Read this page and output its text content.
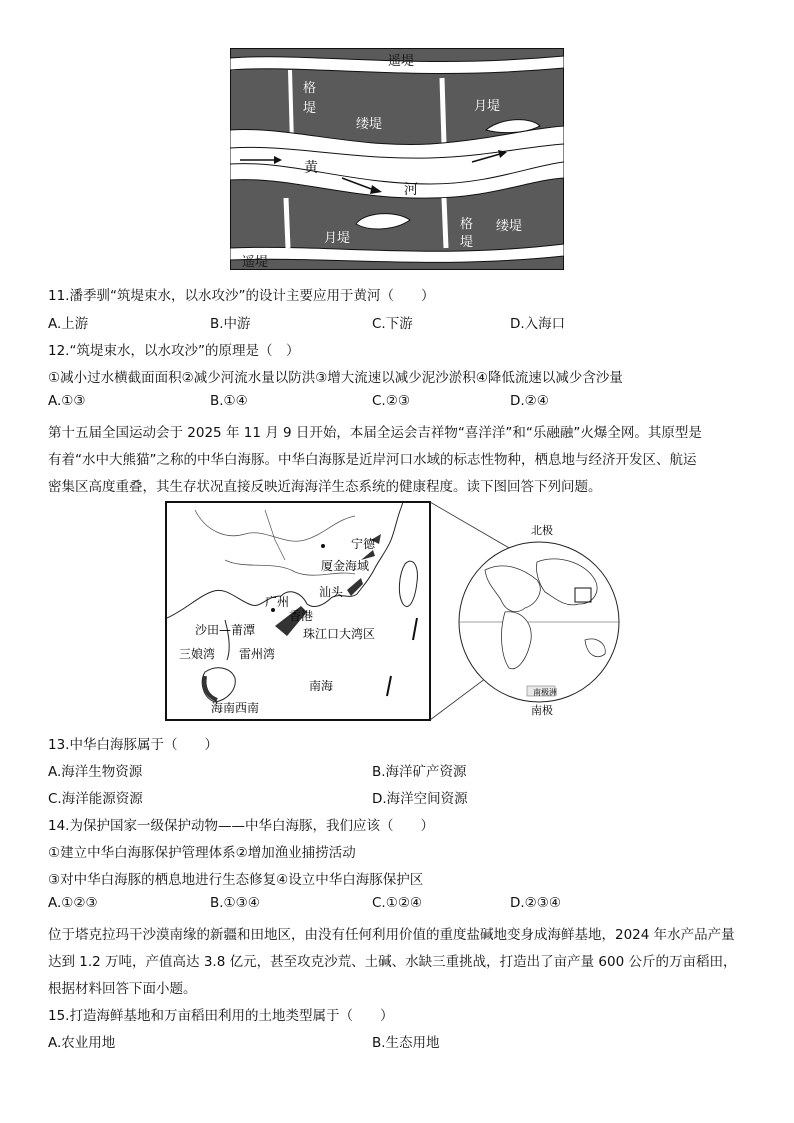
遥堤
格
堤
缕堤
月堤
黄
河
月堤
格
堤
缕堤
遥堤
11.潘季驯“筑堤束水，以水攻沙”的设计主要应用于黄河（　　）
A.上游	B.中游	C.下游	D.入海口
12.“筑堤束水，以水攻沙”的原理是（　）
①减小过水横截面面积②减少河流水量以防洪③增大流速以减少泥沙淤积④降低流速以减少含沙量
A.①③	B.①④	C.②③	D.②④
第十五届全国运动会于 2025 年 11 月 9 日开始，本届全运会吉祥物“喜洋洋”和“乐融融”火爆全网。其原型是
有着“水中大熊猫”之称的中华白海豚。中华白海豚是近岸河口水域的标志性物种，栖息地与经济开发区、航运
密集区高度重叠，其生存状况直接反映近海海洋生态系统的健康程度。读下图回答下列问题。
宁德
厦金海域
汕头
广州
香港
沙田—莆潭	珠江口大湾区
三娘湾 雷州湾
南海
海南西南
北极
南极洲
南极
13.中华白海豚属于（　　）
A.海洋生物资源	B.海洋矿产资源
C.海洋能源资源	D.海洋空间资源
14.为保护国家一级保护动物——中华白海豚，我们应该（　　）
①建立中华白海豚保护管理体系②增加渔业捕捞活动
③对中华白海豚的栖息地进行生态修复④设立中华白海豚保护区
A.①②③	B.①③④	C.①②④	D.②③④
位于塔克拉玛干沙漠南缘的新疆和田地区，由没有任何利用价值的重度盐碱地变身成海鲜基地，2024 年水产品产量
达到 1.2 万吨，产值高达 3.8 亿元，甚至攻克沙荒、土碱、水缺三重挑战，打造出了亩产量 600 公斤的万亩稻田，
根据材料回答下面小题。
15.打造海鲜基地和万亩稻田利用的土地类型属于（　　）
A.农业用地	B.生态用地
